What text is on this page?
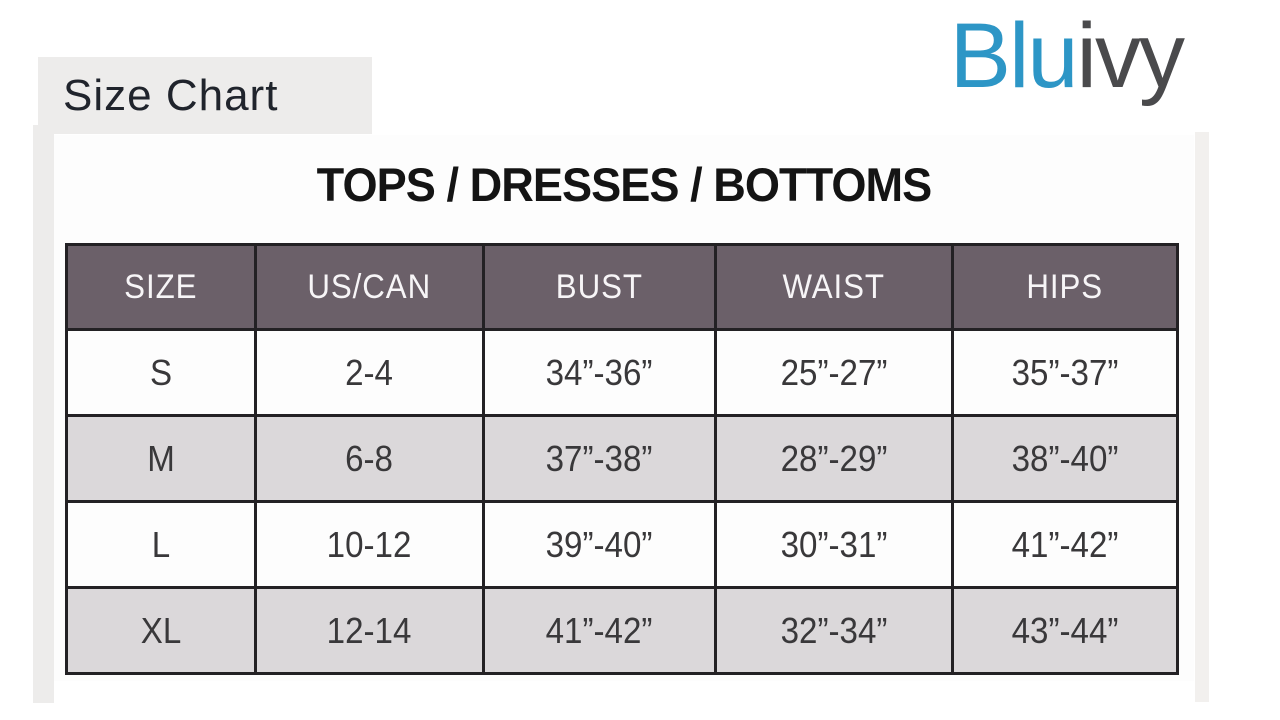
Bluivy
Size Chart
TOPS / DRESSES / BOTTOMS
SIZE	US/CAN	BUST	WAIST	HIPS
S	2-4	34”-36”	25”-27”	35”-37”
M	6-8	37”-38”	28”-29”	38”-40”
L	10-12	39”-40”	30”-31”	41”-42”
XL	12-14	41”-42”	32”-34”	43”-44”
